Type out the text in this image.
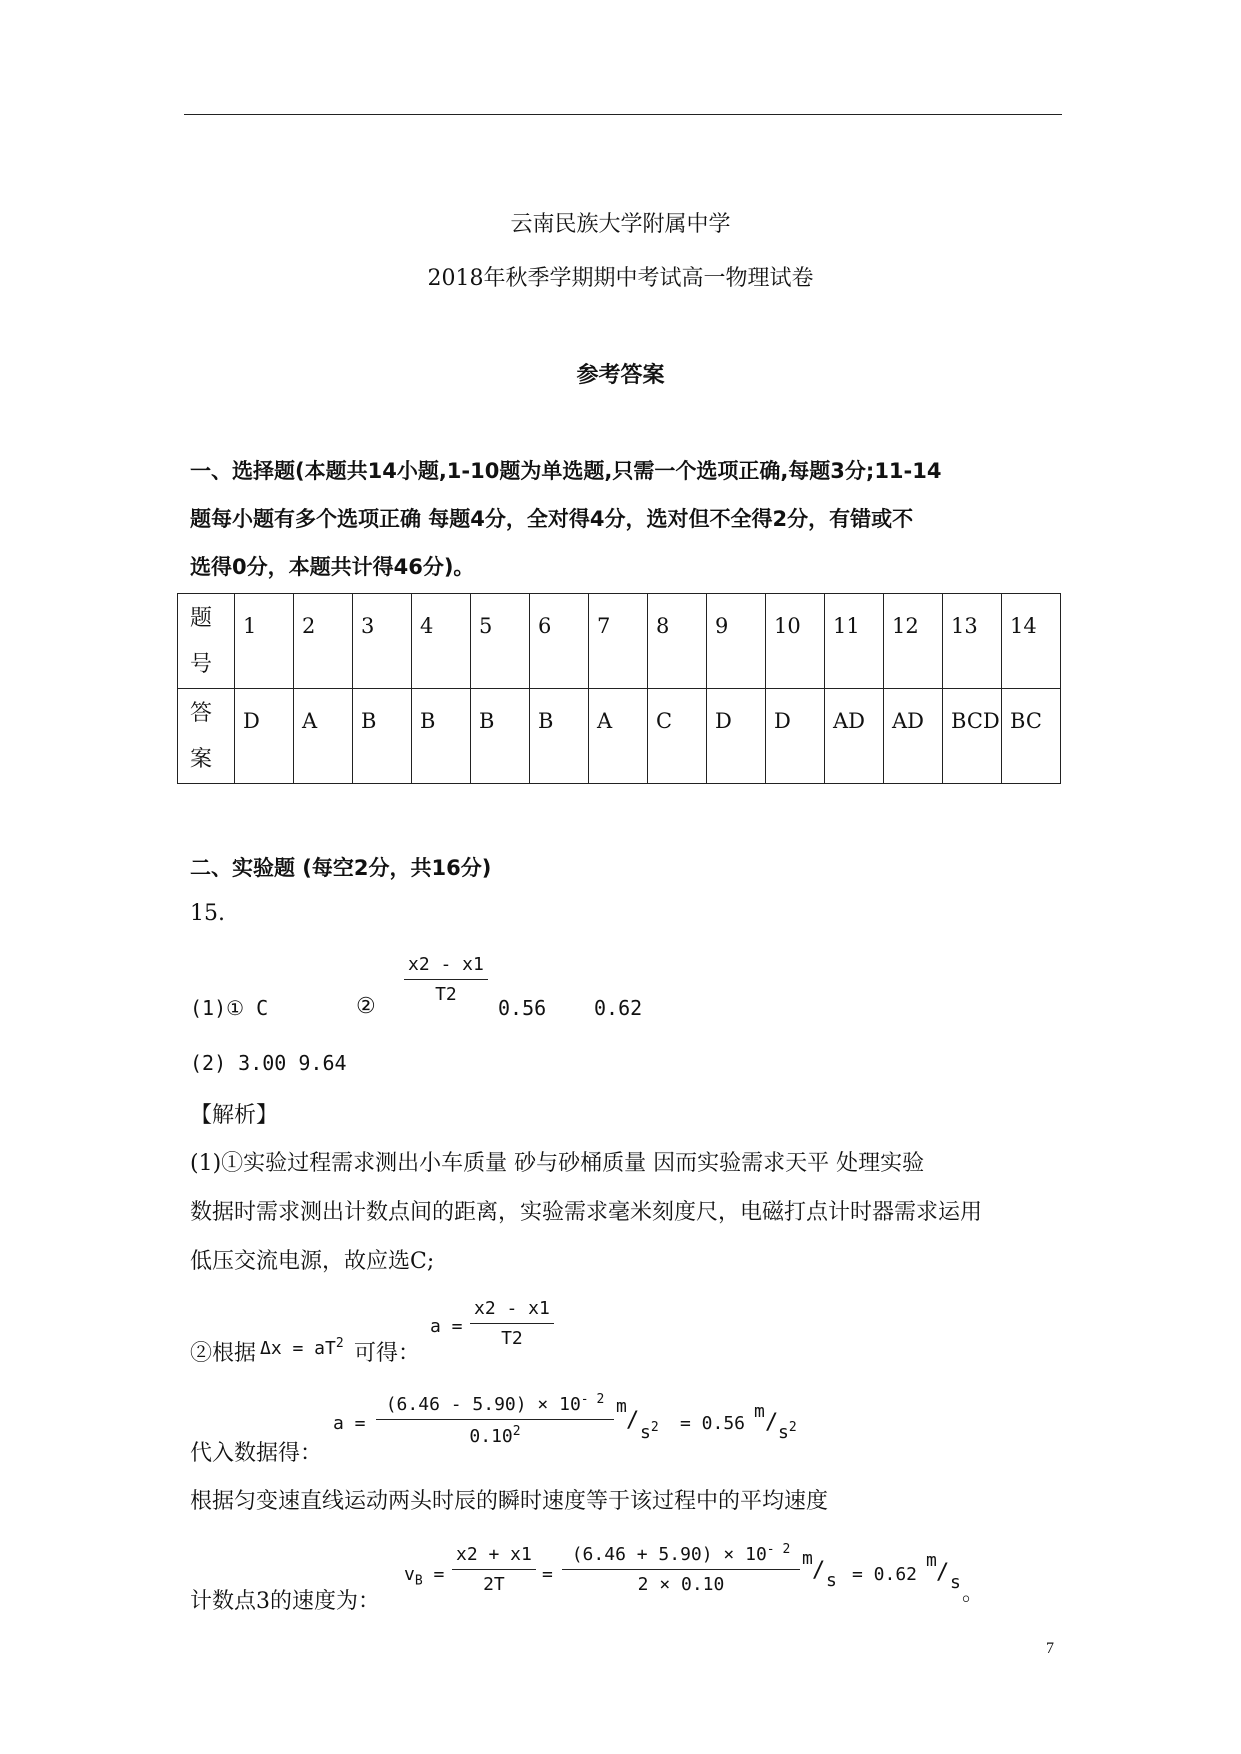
云南民族大学附属中学
2018年秋季学期期中考试高一物理试卷
参考答案
一、选择题(本题共14小题,1-10题为单选题,只需一个选项正确,每题3分;11-14
题每小题有多个选项正确 每题4分，全对得4分，选对但不全得2分，有错或不
选得0分，本题共计得46分)。
题
号	1	2	3	4	5	6	7	8	9	10	11	12	13	14
答
案	D	A	B	B	B	B	A	C	D	D	AD	AD	BCD	BC
二、实验题 (每空2分，共16分)
15.
(1)① C	②
$\frac{x2 - x1}{T2}$
0.56 0.62
(2) 3.00 9.64
【解析】
(1)①实验过程需求测出小车质量 砂与砂桶质量 因而实验需求天平 处理实验
数据时需求测出计数点间的距离，实验需求毫米刻度尺，电磁打点计时器需求运用
低压交流电源，故应选C;
②根据 $\Delta x = aT^2$ 可得：
$a = \frac{x2 - x1}{T2}$
代入数据得：
$a = \frac{(6.46 - 5.90) \times 10^{- 2}}{0.10^2}$ m
/ $s^2 = 0.56$
m / $s^2$
根据匀变速直线运动两头时辰的瞬时速度等于该过程中的平均速度
计数点3的速度为：
$v_B = \frac{x2 + x1}{2T} = \frac{(6.46 + 5.90) \times 10^{- 2}}{2 \times 0.10}$ m / s = 0.62
m / s 。
7
